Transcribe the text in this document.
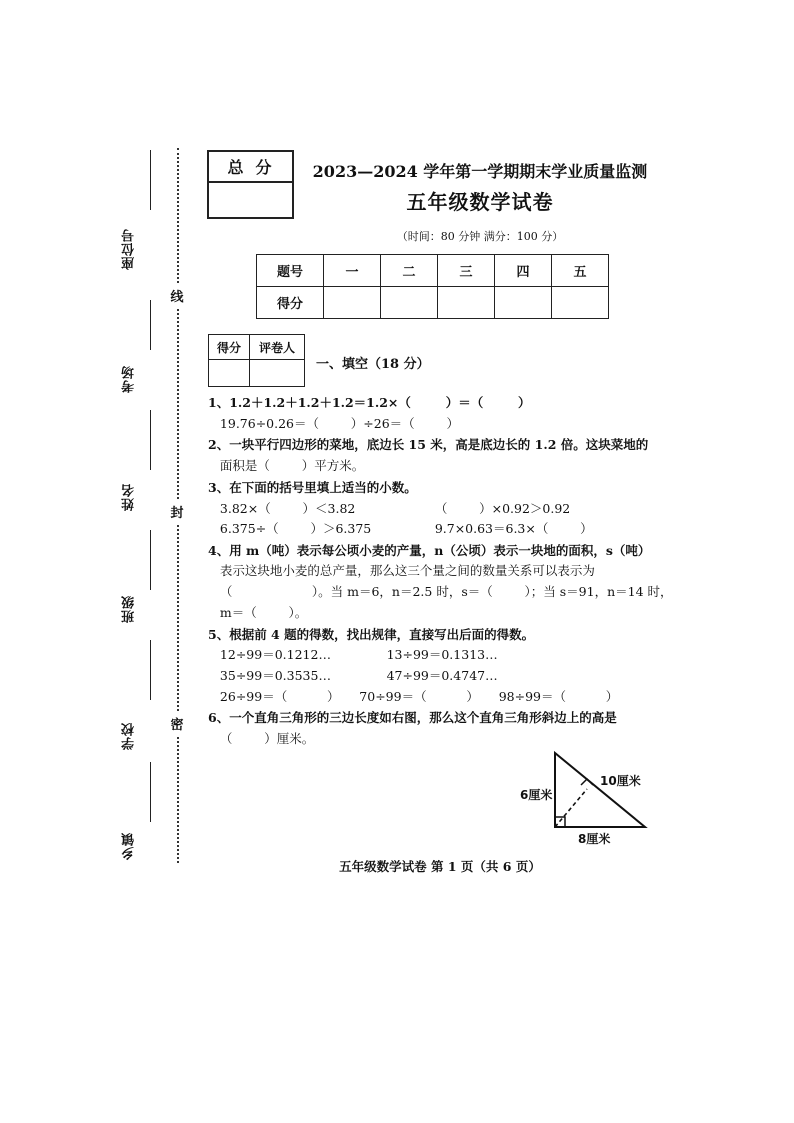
座位号
考场
姓名
班级
学校
乡镇
线
封
密
总分	2023—2024 学年第一学期期末学业质量监测
五年级数学试卷
（时间：80 分钟 满分：100 分）
题号	一	二	三	四	五
得分					
得分	评卷人

一、填空（18 分）
1、1.2＋1.2＋1.2＋1.2＝1.2×（        ）＝（        ）
19.76÷0.26＝（        ）÷26＝（        ）
2、一块平行四边形的菜地，底边长 15 米，高是底边长的 1.2 倍。这块菜地的
面积是（        ）平方米。
3、在下面的括号里填上适当的小数。
3.82×（        ）＜3.82                    （        ）×0.92＞0.92
6.375÷（        ）＞6.375                9.7×0.63＝6.3×（        ）
4、用 m（吨）表示每公顷小麦的产量，n（公顷）表示一块地的面积，s（吨）
表示这块地小麦的总产量，那么这三个量之间的数量关系可以表示为
（                    ）。当 m＝6，n＝2.5 时，s＝（        ）；当 s＝91，n＝14 时，
m＝（        ）。
5、根据前 4 题的得数，找出规律，直接写出后面的得数。
12÷99＝0.1212…              13÷99＝0.1313…
35÷99＝0.3535…              47÷99＝0.4747…
26÷99＝（          ）     70÷99＝（          ）     98÷99＝（          ）
6、一个直角三角形的三边长度如右图，那么这个直角三角形斜边上的高是
（        ）厘米。
6厘米
10厘米
8厘米
五年级数学试卷 第 1 页（共 6 页）
